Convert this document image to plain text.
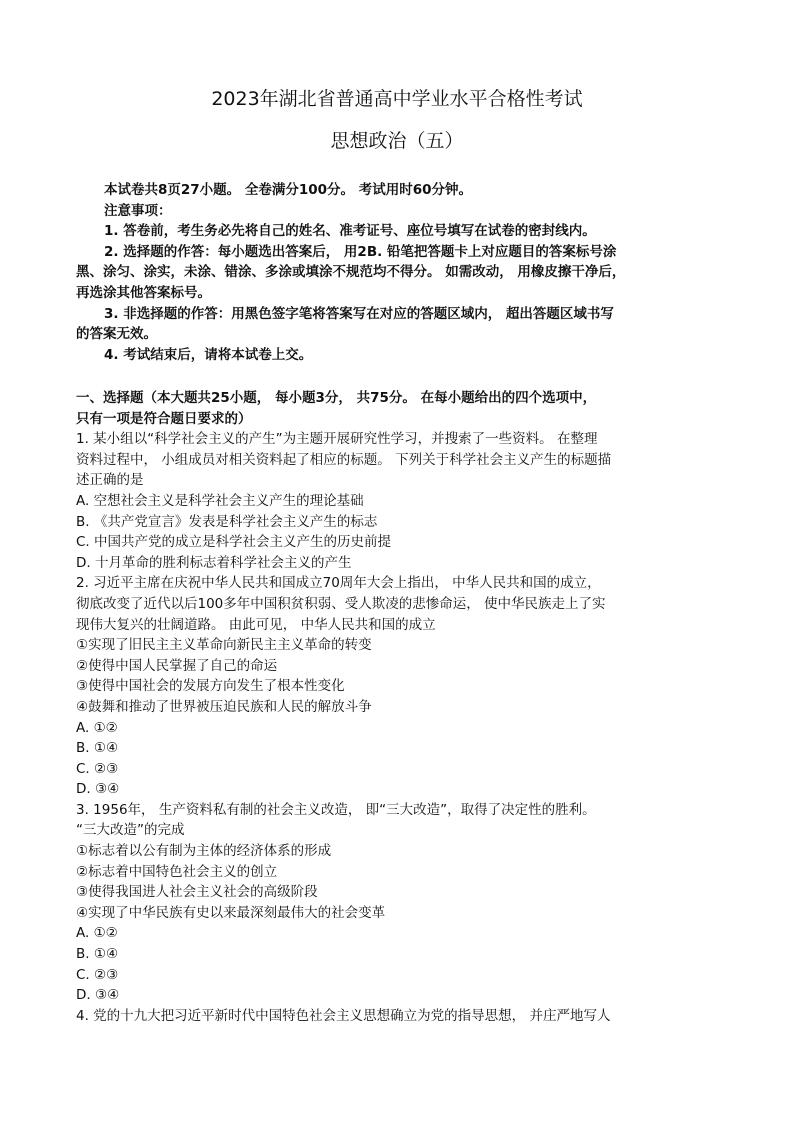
2023年湖北省普通高中学业水平合格性考试
思想政治（五）
本试卷共8页27小题。 全卷满分100分。 考试用时60分钟。
注意事项：
1. 答卷前，考生务必先将自己的姓名、准考证号、座位号填写在试卷的密封线内。
2. 选择题的作答：每小题选出答案后， 用2B. 铅笔把答题卡上对应题目的答案标号涂
黑、涂匀、涂实，未涂、错涂、多涂或填涂不规范均不得分。 如需改动， 用橡皮擦干净后，
再选涂其他答案标号。
3. 非选择题的作答：用黑色签字笔将答案写在对应的答题区域内， 超出答题区域书写
的答案无效。
4. 考试结束后，请将本试卷上交。
一、选择题（本大题共25小题， 每小题3分， 共75分。 在每小题给出的四个选项中，
只有一项是符合题日要求的）
1. 某小组以“科学社会主义的产生”为主题开展研究性学习，并搜索了一些资料。 在整理
资料过程中， 小组成员对相关资料起了相应的标题。 下列关于科学社会主义产生的标题描
述正确的是
A. 空想社会主义是科学社会主义产生的理论基础
B. 《共产党宣言》发表是科学社会主义产生的标志
C. 中国共产党的成立是科学社会主义产生的历史前提
D. 十月革命的胜利标志着科学社会主义的产生
2. 习近平主席在庆祝中华人民共和国成立70周年大会上指出， 中华人民共和国的成立，
彻底改变了近代以后100多年中国积贫积弱、受人欺凌的悲惨命运， 使中华民族走上了实
现伟大复兴的壮阔道路。 由此可见， 中华人民共和国的成立
①实现了旧民主主义革命向新民主主义革命的转变
②使得中国人民掌握了自己的命运
③使得中国社会的发展方向发生了根本性变化
④鼓舞和推动了世界被压迫民族和人民的解放斗争
A. ①②
B. ①④
C. ②③
D. ③④
3. 1956年， 生产资料私有制的社会主义改造， 即“三大改造”，取得了决定性的胜利。
“三大改造”的完成
①标志着以公有制为主体的经济体系的形成
②标志着中国特色社会主义的创立
③使得我国进人社会主义社会的高级阶段
④实现了中华民族有史以来最深刻最伟大的社会变革
A. ①②
B. ①④
C. ②③
D. ③④
4. 党的十九大把习近平新时代中国特色社会主义思想确立为党的指导思想， 并庄严地写人
